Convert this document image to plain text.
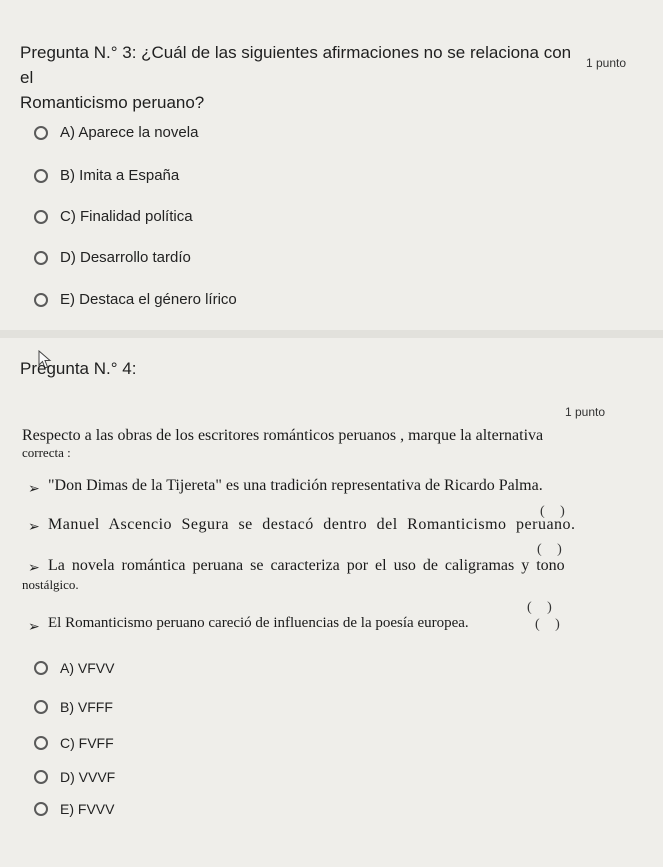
Pregunta N.° 3: ¿Cuál de las siguientes afirmaciones no se relaciona con el
Romanticismo peruano?
1 punto
A) Aparece la novela
B) Imita a España
C) Finalidad política
D) Desarrollo tardío
E) Destaca el género lírico
Pregunta N.° 4:
1 punto
Respecto a las obras de los escritores románticos peruanos , marque la alternativa
correcta :
➢ "Don Dimas de la Tijereta" es una tradición representativa de Ricardo Palma.
( )
➢ Manuel Ascencio Segura se destacó dentro del Romanticismo peruano.
( )
➢ La novela romántica peruana se caracteriza por el uso de caligramas y tono
nostálgico.
( )
➢ El Romanticismo peruano careció de influencias de la poesía europea.	( )
A) VFVV
B) VFFF
C) FVFF
D) VVVF
E) FVVV
